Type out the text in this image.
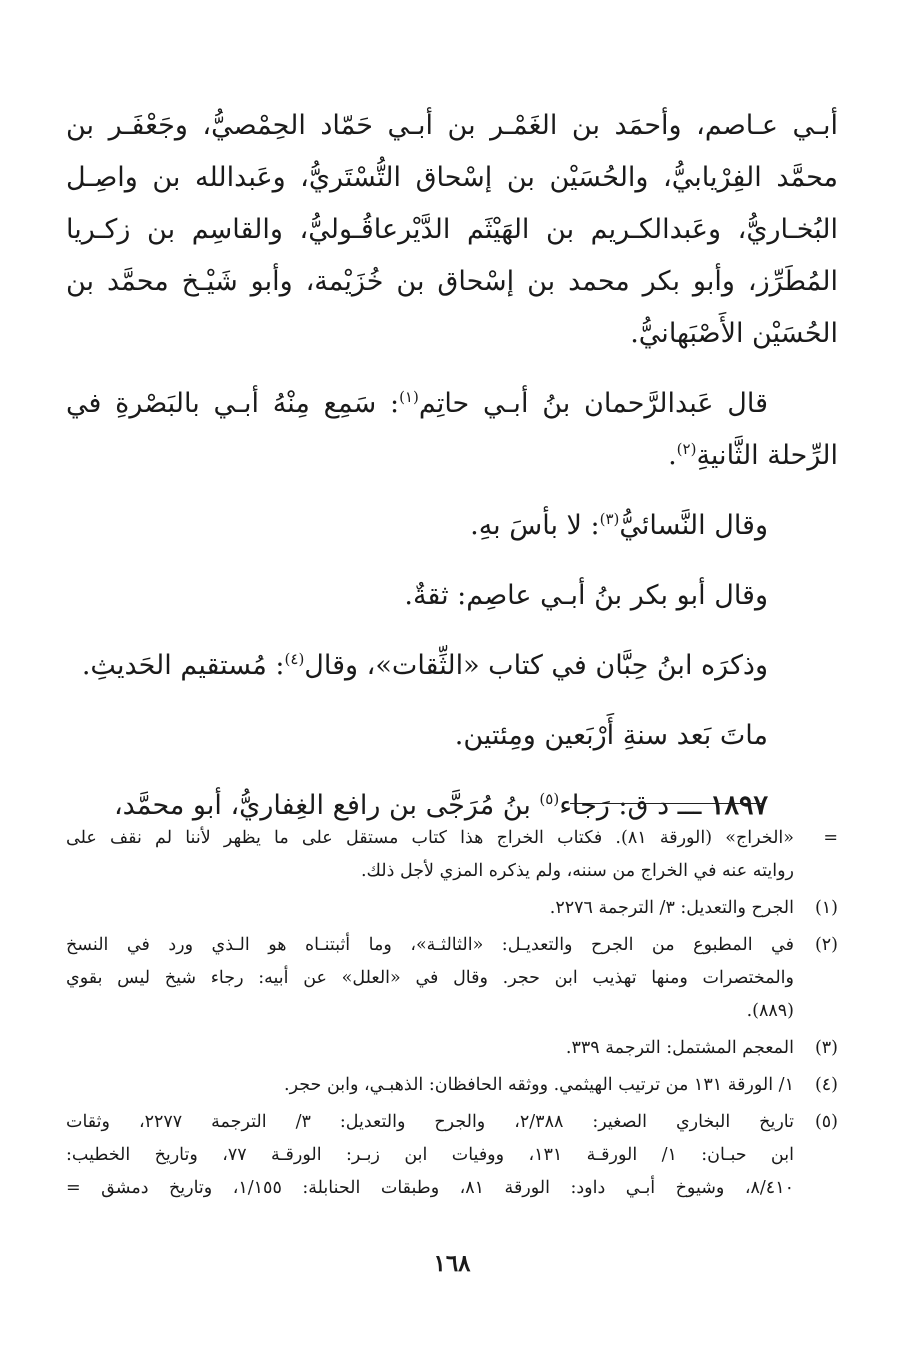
أبـي عـاصم، وأحمَد بن الغَمْـر بن أبـي حَمّاد الحِمْصيُّ، وجَعْفَـر بن
محمَّد الفِرْيابيُّ، والحُسَيْن بن إسْحاق التُّسْتَريُّ، وعَبدالله بن واصِـل
البُخـاريُّ، وعَبدالكـريم بن الهَيْثَم الدَّيْرعاقُـوليُّ، والقاسِم بن زكـريا
المُطَرِّز، وأبو بكر محمد بن إسْحاق بن خُزَيْمة، وأبو شَيْـخ محمَّد بن
الحُسَيْن الأَصْبَهانيُّ.
قال عَبدالرَّحمان بنُ أبـي حاتِم$^{(١)}$: سَمِع مِنْهُ أبـي بالبَصْرةِ في
الرِّحلة الثَّانيةِ$^{(٢)}$.
وقال النَّسائيُّ$^{(٣)}$: لا بأسَ بهِ.
وقال أبو بكر بنُ أبـي عاصِم: ثقةٌ.
وذكرَه ابنُ حِبَّان في كتاب «الثِّقات»، وقال$^{(٤)}$: مُستقيم الحَديثِ.
ماتَ بَعد سنةِ أَرْبَعين ومِئتين.
١٨٩٧ ـــ د ق: رَجاء$^{(٥)}$ بنُ مُرَجَّى بن رافع الغِفاريُّ، أبو محمَّد،
=
«الخراج» (الورقة ٨١). فكتاب الخراج هذا كتاب مستقل على ما يظهر لأننا لم نقف على
روايته عنه في الخراج من سننه، ولم يذكره المزي لأجل ذلك.
(١)
الجرح والتعديل: ٣/ الترجمة ٢٢٧٦.
(٢)
في المطبوع من الجرح والتعديـل: «الثالثـة»، وما أثبتنـاه هو الـذي ورد في النسخ
والمختصرات ومنها تهذيب ابن حجر. وقال في «العلل» عن أبيه: رجاء شيخ ليس بقوي
(٨٨٩).
(٣)
المعجم المشتمل: الترجمة ٣٣٩.
(٤)
١/ الورقة ١٣١ من ترتيب الهيثمي. ووثقه الحافظان: الذهبـي، وابن حجر.
(٥)
تاريخ البخاري الصغير: ٢/٣٨٨، والجرح والتعديل: ٣/ الترجمة ٢٢٧٧، وثقات
ابن حبـان: ١/ الورقـة ١٣١، ووفيات ابن زبـر: الورقـة ٧٧، وتاريخ الخطيب:
٨/٤١٠، وشيوخ أبـي داود: الورقة ٨١، وطبقات الحنابلة: ١/١٥٥، وتاريخ دمشق =
١٦٨
